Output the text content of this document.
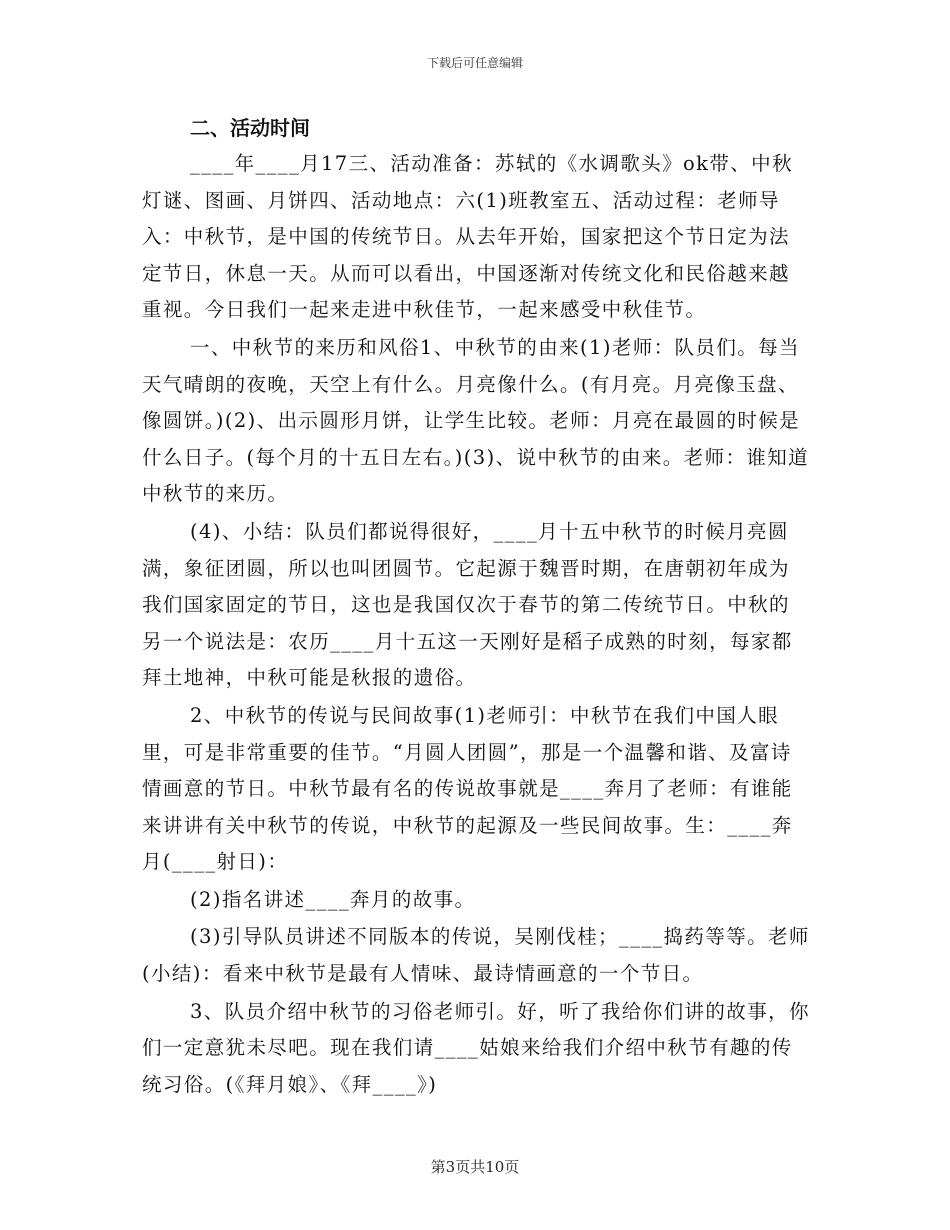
下载后可任意编辑

二、活动时间

____年____月17三、活动准备：苏轼的《水调歌头》ok带、中秋灯谜、图画、月饼四、活动地点：六(1)班教室五、活动过程：老师导入：中秋节，是中国的传统节日。从去年开始，国家把这个节日定为法定节日，休息一天。从而可以看出，中国逐渐对传统文化和民俗越来越重视。今日我们一起来走进中秋佳节，一起来感受中秋佳节。

一、中秋节的来历和风俗1、中秋节的由来(1)老师：队员们。每当天气晴朗的夜晚，天空上有什么。月亮像什么。(有月亮。月亮像玉盘、像圆饼。)(2)、出示圆形月饼，让学生比较。老师：月亮在最圆的时候是什么日子。(每个月的十五日左右。)(3)、说中秋节的由来。老师：谁知道中秋节的来历。

(4)、小结：队员们都说得很好，____月十五中秋节的时候月亮圆满，象征团圆，所以也叫团圆节。它起源于魏晋时期，在唐朝初年成为我们国家固定的节日，这也是我国仅次于春节的第二传统节日。中秋的另一个说法是：农历____月十五这一天刚好是稻子成熟的时刻，每家都拜土地神，中秋可能是秋报的遗俗。

2、中秋节的传说与民间故事(1)老师引：中秋节在我们中国人眼里，可是非常重要的佳节。“月圆人团圆”，那是一个温馨和谐、及富诗情画意的节日。中秋节最有名的传说故事就是____奔月了老师：有谁能来讲讲有关中秋节的传说，中秋节的起源及一些民间故事。生：____奔月(____射日)：

(2)指名讲述____奔月的故事。

(3)引导队员讲述不同版本的传说，吴刚伐桂；____捣药等等。老师(小结)：看来中秋节是最有人情味、最诗情画意的一个节日。

3、队员介绍中秋节的习俗老师引。好，听了我给你们讲的故事，你们一定意犹未尽吧。现在我们请____姑娘来给我们介绍中秋节有趣的传统习俗。(《拜月娘》、《拜____》)

第3页共10页
